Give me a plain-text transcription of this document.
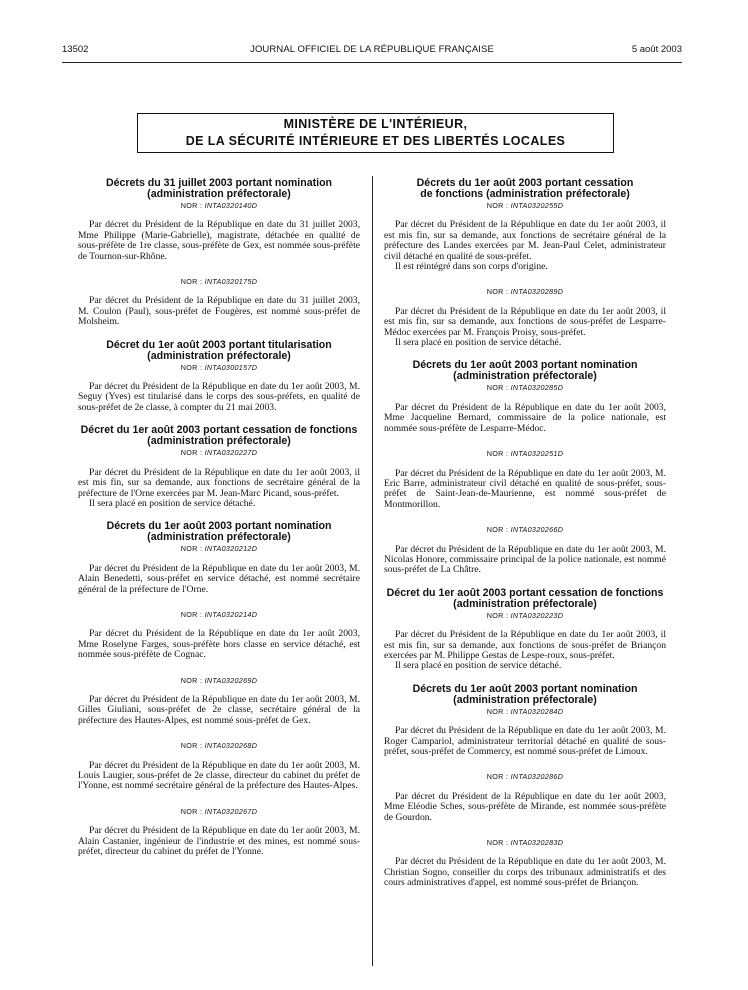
13502	JOURNAL OFFICIEL DE LA RÉPUBLIQUE FRANÇAISE	5 août 2003
MINISTÈRE DE L'INTÉRIEUR,
DE LA SÉCURITÉ INTÉRIEURE ET DES LIBERTÉS LOCALES
Décrets du 31 juillet 2003 portant nomination
(administration préfectorale)
NOR : INTA0320140D

Par décret du Président de la République en date du 31 juillet 2003, Mme Philippe (Marie-Gabrielle), magistrate, détachée en qualité de sous-préfète de 1re classe, sous-préfète de Gex, est nommée sous-préfète de Tournon-sur-Rhône.

NOR : INTA0320175D

Par décret du Président de la République en date du 31 juillet 2003, M. Coulon (Paul), sous-préfet de Fougères, est nommé sous-préfet de Molsheim.

Décret du 1er août 2003 portant titularisation
(administration préfectorale)
NOR : INTA0300157D

Par décret du Président de la République en date du 1er août 2003, M. Seguy (Yves) est titularisé dans le corps des sous-préfets, en qualité de sous-préfet de 2e classe, à compter du 21 mai 2003.

Décret du 1er août 2003 portant cessation de fonctions
(administration préfectorale)
NOR : INTA0320227D

Par décret du Président de la République en date du 1er août 2003, il est mis fin, sur sa demande, aux fonctions de secrétaire général de la préfecture de l'Orne exercées par M. Jean-Marc Picand, sous-préfet.

Il sera placé en position de service détaché.

Décrets du 1er août 2003 portant nomination
(administration préfectorale)
NOR : INTA0320212D

Par décret du Président de la République en date du 1er août 2003, M. Alain Benedetti, sous-préfet en service détaché, est nommé secrétaire général de la préfecture de l'Orne.

NOR : INTA0320214D

Par décret du Président de la République en date du 1er août 2003, Mme Roselyne Farges, sous-préfète hors classe en service détaché, est nommée sous-préfète de Cognac.

NOR : INTA0320269D

Par décret du Président de la République en date du 1er août 2003, M. Gilles Giuliani, sous-préfet de 2e classe, secrétaire général de la préfecture des Hautes-Alpes, est nommé sous-préfet de Gex.

NOR : INTA0320268D

Par décret du Président de la République en date du 1er août 2003, M. Louis Laugier, sous-préfet de 2e classe, directeur du cabinet du préfet de l'Yonne, est nommé secrétaire général de la préfecture des Hautes-Alpes.

NOR : INTA0320267D

Par décret du Président de la République en date du 1er août 2003, M. Alain Castanier, ingénieur de l'industrie et des mines, est nommé sous-préfet, directeur du cabinet du préfet de l'Yonne.

Décrets du 1er août 2003 portant cessation
de fonctions (administration préfectorale)
NOR : INTA0320255D

Par décret du Président de la République en date du 1er août 2003, il est mis fin, sur sa demande, aux fonctions de secrétaire général de la préfecture des Landes exercées par M. Jean-Paul Celet, administrateur civil détaché en qualité de sous-préfet.

Il est réintégré dans son corps d'origine.

NOR : INTA0320289D

Par décret du Président de la République en date du 1er août 2003, il est mis fin, sur sa demande, aux fonctions de sous-préfet de Lesparre-Médoc exercées par M. François Proisy, sous-préfet.

Il sera placé en position de service détaché.

Décrets du 1er août 2003 portant nomination
(administration préfectorale)
NOR : INTA0320285D

Par décret du Président de la République en date du 1er août 2003, Mme Jacqueline Bernard, commissaire de la police nationale, est nommée sous-préfète de Lesparre-Médoc.

NOR : INTA0320251D

Par décret du Président de la République en date du 1er août 2003, M. Eric Barre, administrateur civil détaché en qualité de sous-préfet, sous-préfet de Saint-Jean-de-Maurienne, est nommé sous-préfet de Montmorillon.

NOR : INTA0320266D

Par décret du Président de la République en date du 1er août 2003, M. Nicolas Honore, commissaire principal de la police nationale, est nommé sous-préfet de La Châtre.

Décret du 1er août 2003 portant cessation de fonctions
(administration préfectorale)
NOR : INTA0320223D

Par décret du Président de la République en date du 1er août 2003, il est mis fin, sur sa demande, aux fonctions de sous-préfet de Briançon exercées par M. Philippe Gestas de Lespe-roux, sous-préfet.

Il sera placé en position de service détaché.

Décrets du 1er août 2003 portant nomination
(administration préfectorale)
NOR : INTA0320284D

Par décret du Président de la République en date du 1er août 2003, M. Roger Campariol, administrateur territorial détaché en qualité de sous-préfet, sous-préfet de Commercy, est nommé sous-préfet de Limoux.

NOR : INTA0320286D

Par décret du Président de la République en date du 1er août 2003, Mme Eléodie Sches, sous-préfète de Mirande, est nommée sous-préfète de Gourdon.

NOR : INTA0320283D

Par décret du Président de la République en date du 1er août 2003, M. Christian Sogno, conseiller du corps des tribunaux administratifs et des cours administratives d'appel, est nommé sous-préfet de Briançon.
